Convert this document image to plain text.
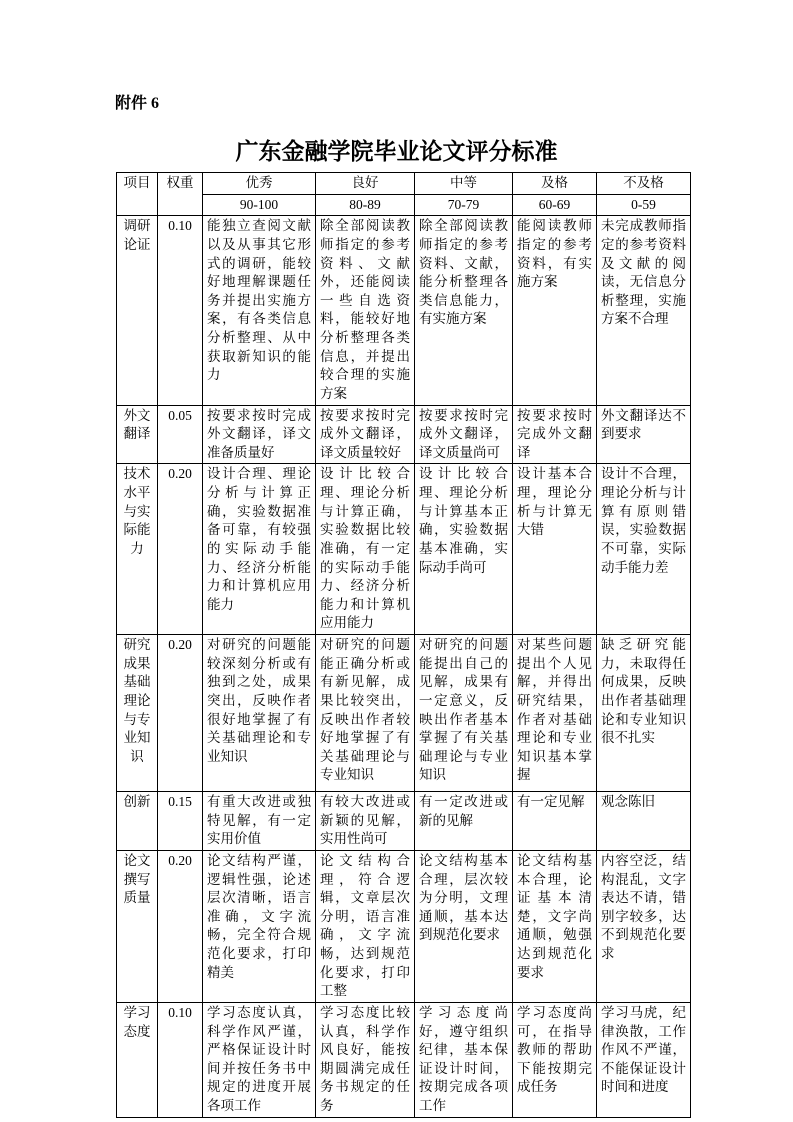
附件 6
广东金融学院毕业论文评分标准
项目	权重	优秀	良好	中等	及格	不及格
		90-100	80-89	70-79	60-69	0-59
调研论证	0.10	能独立查阅文献以及从事其它形式的调研，能较好地理解课题任务并提出实施方案，有各类信息分析整理、从中获取新知识的能力	除全部阅读教师指定的参考资料、文献外，还能阅读一些自选资料，能较好地分析整理各类信息，并提出较合理的实施方案	除全部阅读教师指定的参考资料、文献，能分析整理各类信息能力，有实施方案	能阅读教师指定的参考资料，有实施方案	未完成教师指定的参考资料及文献的阅读，无信息分析整理，实施方案不合理
外文翻译	0.05	按要求按时完成外文翻译，译文准备质量好	按要求按时完成外文翻译，译文质量较好	按要求按时完成外文翻译，译文质量尚可	按要求按时完成外文翻译	外文翻译达不到要求
技术水平与实际能力	0.20	设计合理、理论分析与计算正确，实验数据准备可靠，有较强的实际动手能力、经济分析能力和计算机应用能力	设计比较合理、理论分析与计算正确，实验数据比较准确，有一定的实际动手能力、经济分析能力和计算机应用能力	设计比较合理、理论分析与计算基本正确，实验数据基本准确，实际动手尚可	设计基本合理，理论分析与计算无大错	设计不合理，理论分析与计算有原则错误，实验数据不可靠，实际动手能力差
研究成果基础理论与专业知识	0.20	对研究的问题能较深刻分析或有独到之处，成果突出，反映作者很好地掌握了有关基础理论和专业知识	对研究的问题能正确分析或有新见解，成果比较突出，反映出作者较好地掌握了有关基础理论与专业知识	对研究的问题能提出自己的见解，成果有一定意义，反映出作者基本掌握了有关基础理论与专业知识	对某些问题提出个人见解，并得出研究结果，作者对基础理论和专业知识基本掌握	缺乏研究能力，未取得任何成果，反映出作者基础理论和专业知识很不扎实
创新	0.15	有重大改进或独特见解，有一定实用价值	有较大改进或新颖的见解，实用性尚可	有一定改进或新的见解	有一定见解	观念陈旧
论文撰写质量	0.20	论文结构严谨，逻辑性强，论述层次清晰，语言准确，文字流畅，完全符合规范化要求，打印精美	论文结构合理，符合逻辑，文章层次分明，语言准确，文字流畅，达到规范化要求，打印工整	论文结构基本合理，层次较为分明，文理通顺，基本达到规范化要求	论文结构基本合理，论证基本清楚，文字尚通顺，勉强达到规范化要求	内容空泛，结构混乱，文字表达不请，错别字较多，达不到规范化要求
学习态度	0.10	学习态度认真，科学作风严谨，严格保证设计时间并按任务书中规定的进度开展各项工作	学习态度比较认真，科学作风良好，能按期圆满完成任务书规定的任务	学习态度尚好，遵守组织纪律，基本保证设计时间，按期完成各项工作	学习态度尚可，在指导教师的帮助下能按期完成任务	学习马虎，纪律涣散，工作作风不严谨，不能保证设计时间和进度
